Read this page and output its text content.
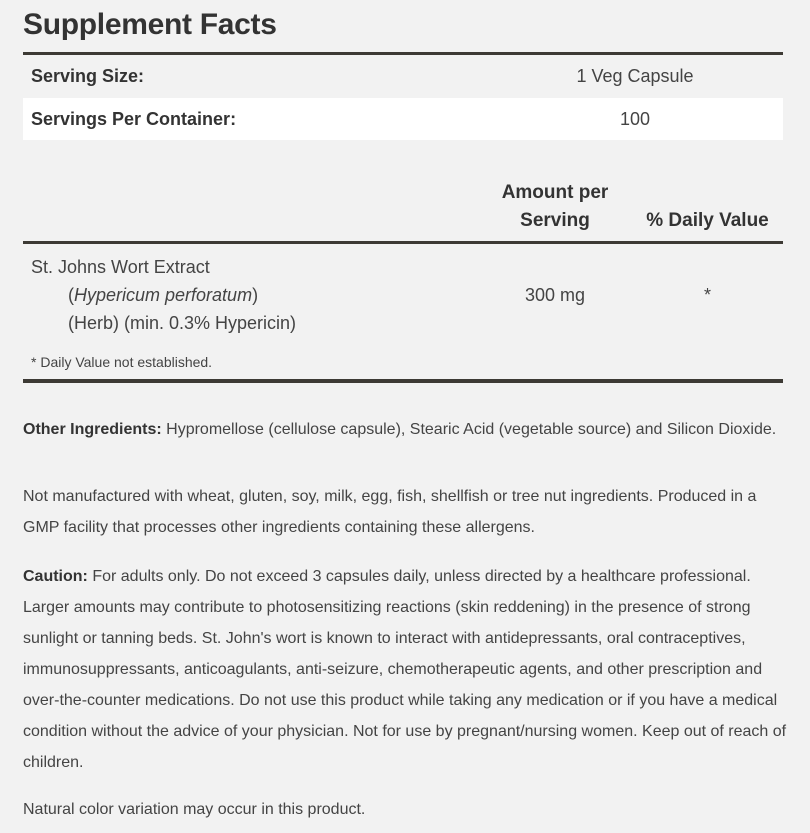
Supplement Facts
Serving Size:	1 Veg Capsule
Servings Per Container:	100
Amount per
Serving	% Daily Value
St. Johns Wort Extract
(Hypericum perforatum)
(Herb) (min. 0.3% Hypericin)
300 mg	*
* Daily Value not established.
Other Ingredients: Hypromellose (cellulose capsule), Stearic Acid (vegetable source) and Silicon Dioxide.
Not manufactured with wheat, gluten, soy, milk, egg, fish, shellfish or tree nut ingredients. Produced in a GMP facility that processes other ingredients containing these allergens.
Caution: For adults only. Do not exceed 3 capsules daily, unless directed by a healthcare professional. Larger amounts may contribute to photosensitizing reactions (skin reddening) in the presence of strong sunlight or tanning beds. St. John's wort is known to interact with antidepressants, oral contraceptives, immunosuppressants, anticoagulants, anti-seizure, chemotherapeutic agents, and other prescription and over-the-counter medications. Do not use this product while taking any medication or if you have a medical condition without the advice of your physician. Not for use by pregnant/nursing women. Keep out of reach of children.
Natural color variation may occur in this product.
